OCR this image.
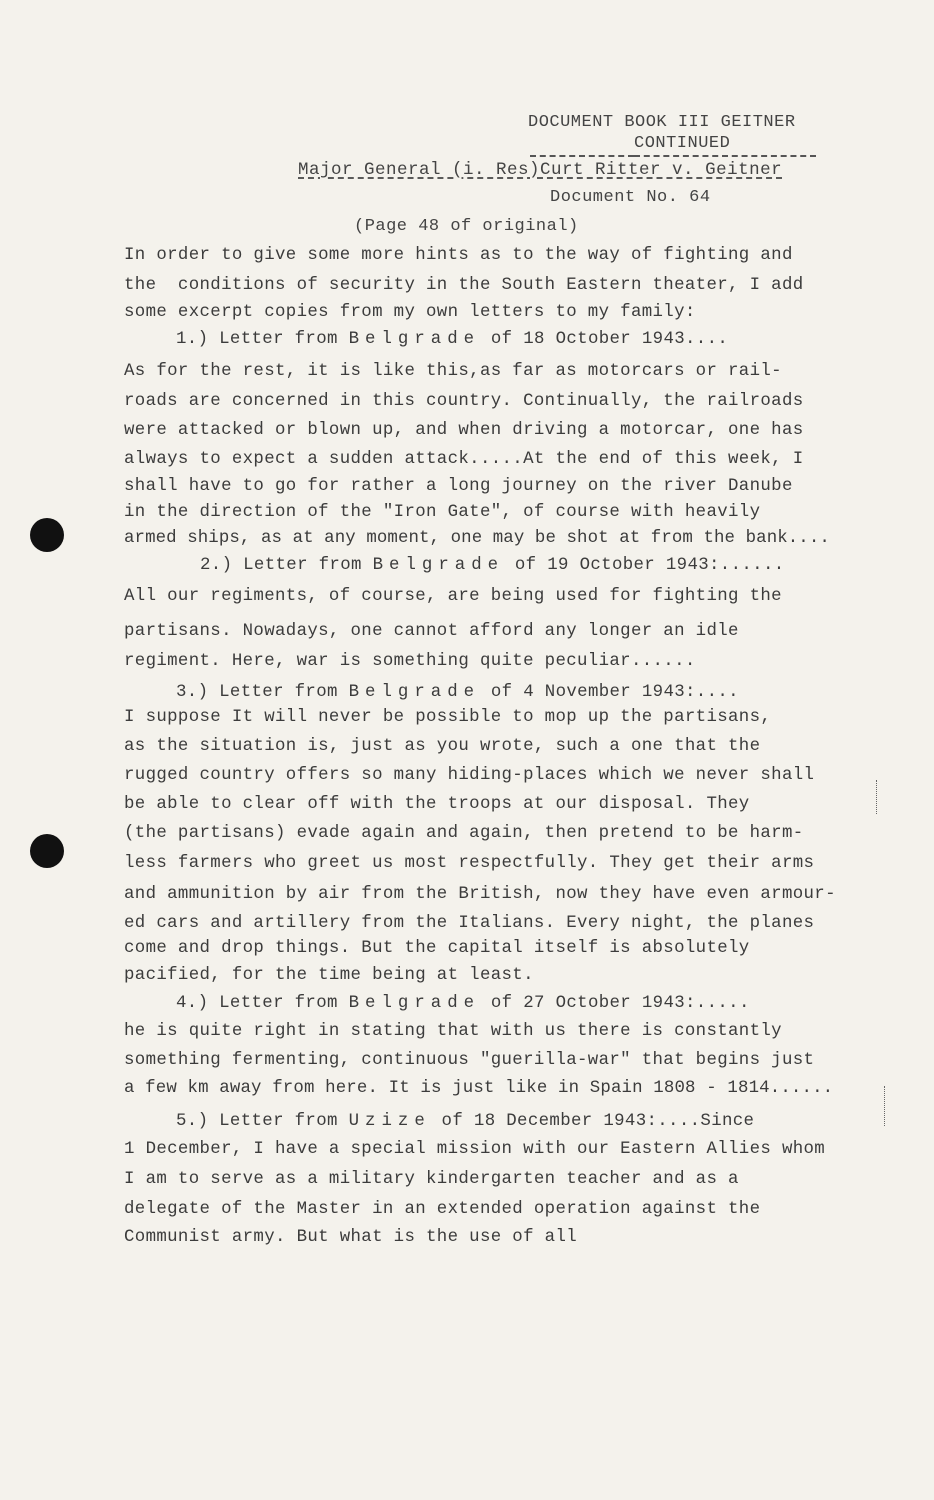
DOCUMENT BOOK III GEITNER
CONTINUED
Major General (i. Res)Curt Ritter v. Geitner
Document No. 64
(Page 48 of original)
In order to give some more hints as to the way of fighting and
the  conditions of security in the South Eastern theater, I add
some excerpt copies from my own letters to my family:
1.) Letter from Belgrade of 18 October 1943....
As for the rest, it is like this,as far as motorcars or rail-
roads are concerned in this country. Continually, the railroads
were attacked or blown up, and when driving a motorcar, one has
always to expect a sudden attack.....At the end of this week, I
shall have to go for rather a long journey on the river Danube
in the direction of the "Iron Gate", of course with heavily
armed ships, as at any moment, one may be shot at from the bank....
2.) Letter from Belgrade of 19 October 1943:......
All our regiments, of course, are being used for fighting the
partisans. Nowadays, one cannot afford any longer an idle
regiment. Here, war is something quite peculiar......
3.) Letter from Belgrade of 4 November 1943:....
I suppose It will never be possible to mop up the partisans,
as the situation is, just as you wrote, such a one that the
rugged country offers so many hiding-places which we never shall
be able to clear off with the troops at our disposal. They
(the partisans) evade again and again, then pretend to be harm-
less farmers who greet us most respectfully. They get their arms
and ammunition by air from the British, now they have even armour-
ed cars and artillery from the Italians. Every night, the planes
come and drop things. But the capital itself is absolutely
pacified, for the time being at least.
4.) Letter from Belgrade of 27 October 1943:.....
he is quite right in stating that with us there is constantly
something fermenting, continuous "guerilla-war" that begins just
a few km away from here. It is just like in Spain 1808 - 1814......
5.) Letter from Uzize of 18 December 1943:....Since
1 December, I have a special mission with our Eastern Allies whom
I am to serve as a military kindergarten teacher and as a
delegate of the Master in an extended operation against the
Communist army. But what is the use of all
